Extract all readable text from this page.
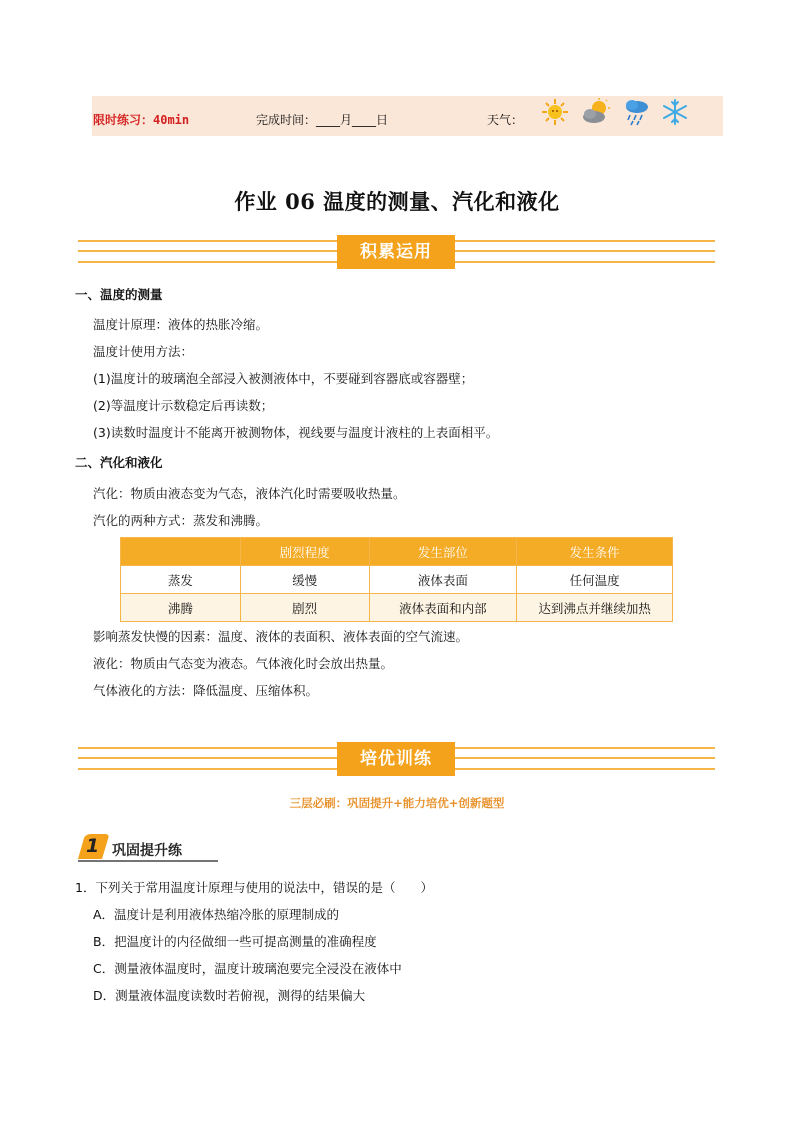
限时练习：40min	完成时间：____月____日	天气：
作业 06 温度的测量、汽化和液化
积累运用
一、温度的测量
温度计原理：液体的热胀冷缩。
温度计使用方法：
(1)温度计的玻璃泡全部浸入被测液体中，不要碰到容器底或容器壁；
(2)等温度计示数稳定后再读数；
(3)读数时温度计不能离开被测物体，视线要与温度计液柱的上表面相平。
二、汽化和液化
汽化：物质由液态变为气态，液体汽化时需要吸收热量。
汽化的两种方式：蒸发和沸腾。
	剧烈程度	发生部位	发生条件
蒸发	缓慢	液体表面	任何温度
沸腾	剧烈	液体表面和内部	达到沸点并继续加热
影响蒸发快慢的因素：温度、液体的表面积、液体表面的空气流速。
液化：物质由气态变为液态。气体液化时会放出热量。
气体液化的方法：降低温度、压缩体积。
培优训练
三层必刷：巩固提升+能力培优+创新题型
1 巩固提升练
1．下列关于常用温度计原理与使用的说法中，错误的是（　　）
A．温度计是利用液体热缩冷胀的原理制成的
B．把温度计的内径做细一些可提高测量的准确程度
C．测量液体温度时，温度计玻璃泡要完全浸没在液体中
D．测量液体温度读数时若俯视，测得的结果偏大
